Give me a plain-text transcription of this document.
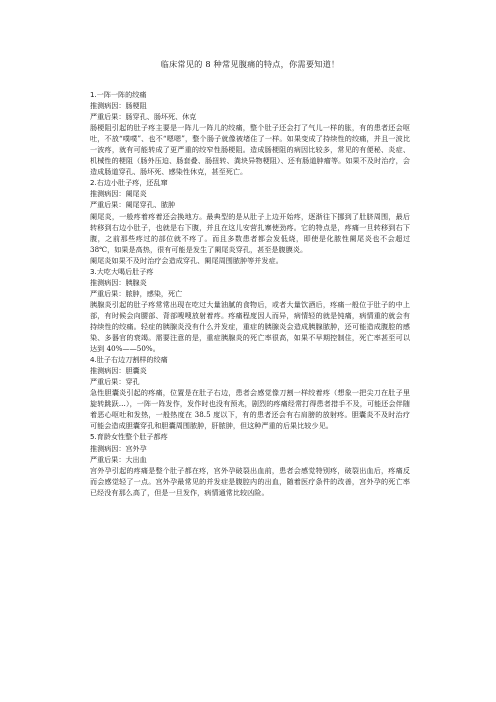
临床常见的 8 种常见腹痛的特点，你需要知道！

1.一阵一阵的绞痛

推测病因：肠梗阻

严重后果：肠穿孔、肠坏死、休克

肠梗阻引起的肚子疼主要是一阵儿一阵儿的绞痛，整个肚子还会打了气儿一样的胀，有的患者还会呕吐，不放“噗噗”、也不“嗯嗯”，整个肠子就像被堵住了一样。如果变成了持续性的绞痛，并且一波比一波疼，就有可能转成了更严重的绞窄性肠梗阻。造成肠梗阻的病因比较多，常见的有便秘、炎症、机械性的梗阻（肠外压迫、肠套叠、肠扭转、粪块异物梗阻）、还有肠道肿瘤等。如果不及时治疗，会造成肠道穿孔、肠坏死、感染性休克，甚至死亡。

2.右边小肚子疼，还乱窜

推测病因：阑尾炎

严重后果：阑尾穿孔、脓肿

阑尾炎，一般疼着疼着还会换地方。最典型的是从肚子上边开始疼，逐渐往下挪到了肚脐周围，最后转移到右边小肚子，也就是右下腹，并且在这儿安营扎寨使劲疼。它的特点是，疼痛一旦转移到右下腹，之前那些疼过的部位就不疼了。而且多数患者都会发低烧，即使是化脓性阑尾炎也不会超过 38℃，如果是高热，很有可能是发生了阑尾炎穿孔，甚至是腹膜炎。

阑尾炎如果不及时治疗会造成穿孔、阑尾周围脓肿等并发症。

3.大吃大喝后肚子疼

推测病因：胰腺炎

严重后果：脓肿，感染，死亡

胰腺炎引起的肚子疼常常出现在吃过大量油腻的食物后，或者大量饮酒后，疼痛一般位于肚子的中上部，有时候会向腰部、背部嗖嗖放射着疼。疼痛程度因人而异，病情轻的就是钝痛，病情重的就会有持续性的绞痛。轻症的胰腺炎没有什么并发症，重症的胰腺炎会造成胰腺脓肿，还可能造成腹腔的感染、多器官的衰竭。需要注意的是，重症胰腺炎的死亡率很高，如果不早期控制住，死亡率甚至可以达到 40%——50%。

4.肚子右边刀割样的绞痛

推测病因：胆囊炎

严重后果：穿孔

急性胆囊炎引起的疼痛，位置是在肚子右边，患者会感觉像刀割一样绞着疼（想象一把尖刀在肚子里旋转跳跃…），一阵一阵发作，发作时也没有预兆，剧烈的疼痛经常打得患者措手不及，可能还会伴随着恶心呕吐和发热，一般热度在 38.5 度以下，有的患者还会有右肩膀的放射疼。胆囊炎不及时治疗可能会造成胆囊穿孔和胆囊周围脓肿，肝脓肿，但这种严重的后果比较少见。

5.育龄女性整个肚子都疼

推测病因：宫外孕

严重后果：大出血

宫外孕引起的疼痛是整个肚子都在疼，宫外孕破裂出血前，患者会感觉特别疼，破裂出血后，疼痛反而会感觉轻了一点。宫外孕最常见的并发症是腹腔内的出血，随着医疗条件的改善，宫外孕的死亡率已经没有那么高了，但是一旦发作，病情通常比较凶险。
